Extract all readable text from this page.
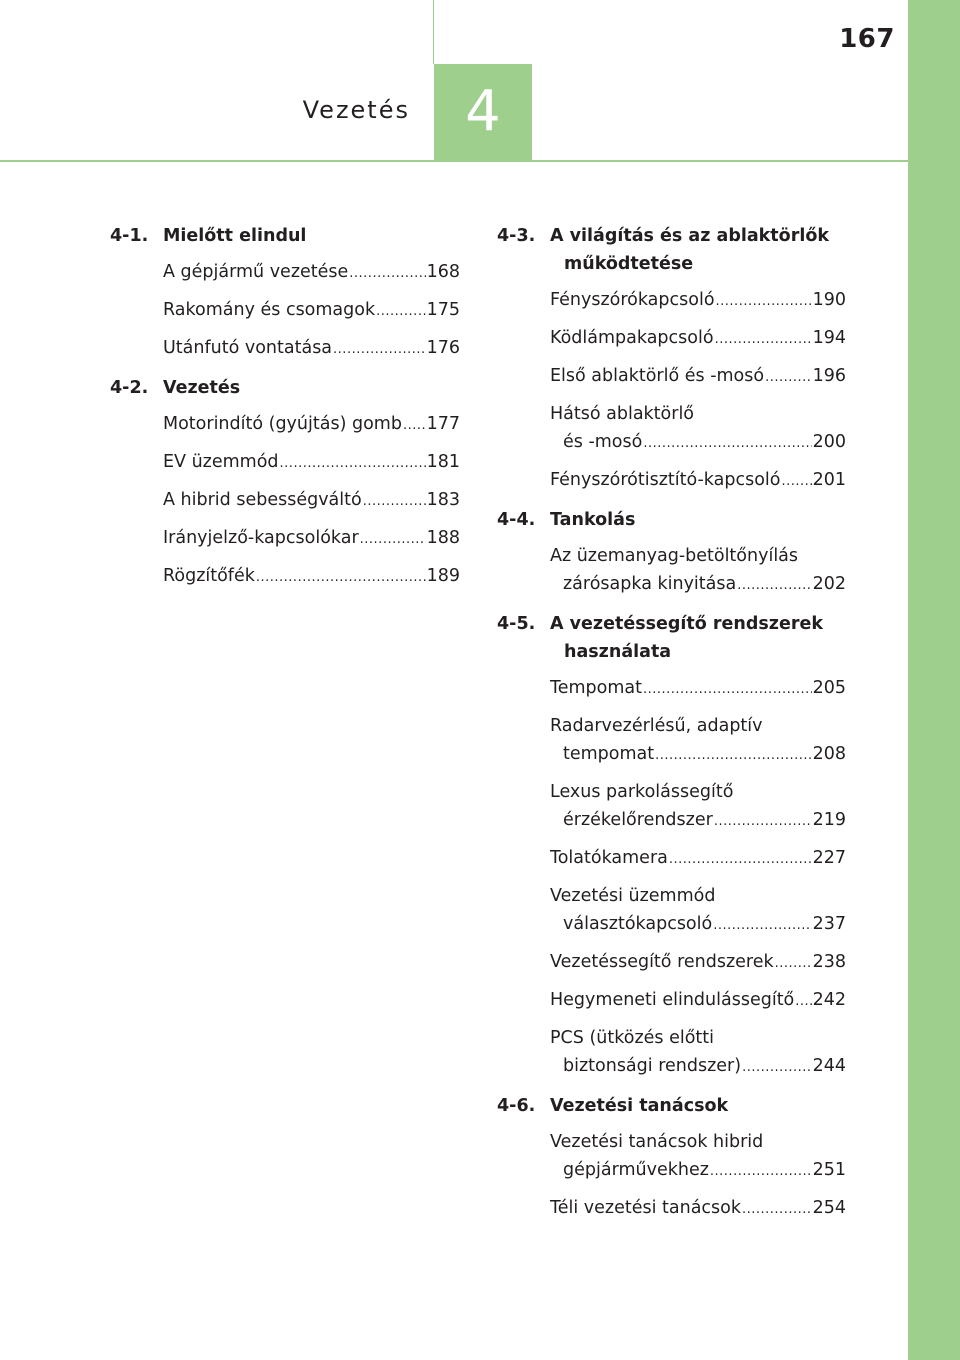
4
167
Vezetés
4-1. Mielőtt elindul
A gépjármű vezetése .....	168
Rakomány és csomagok .....	175
Utánfutó vontatása .....	176
4-2. Vezetés
Motorindító (gyújtás) gomb ..... 177
EV üzemmód .....	181
A hibrid sebességváltó .....	183
Irányjelző-kapcsolókar .....	188
Rögzítőfék .....	189
4-3. A világítás és az ablaktörlők
működtetése
Fényszórókapcsoló .....	190
Ködlámpakapcsoló .....	194
Első ablaktörlő és -mosó .....	196
Hátsó ablaktörlő
és -mosó .....	200
Fényszórótisztító-kapcsoló ..... 201
4-4. Tankolás
Az üzemanyag-betöltőnyílás
zárósapka kinyitása .....	202
4-5. A vezetéssegítő rendszerek
használata
Tempomat .....	205
Radarvezérlésű, adaptív
tempomat .....	208
Lexus parkolássegítő
érzékelőrendszer .....	219
Tolatókamera .....	227
Vezetési üzemmód
választókapcsoló .....	237
Vezetéssegítő rendszerek ..... 238
Hegymeneti elindulássegítő ..... 242
PCS (ütközés előtti
biztonsági rendszer) .....	244
4-6. Vezetési tanácsok
Vezetési tanácsok hibrid
gépjárművekhez .....	251
Téli vezetési tanácsok .....	254
